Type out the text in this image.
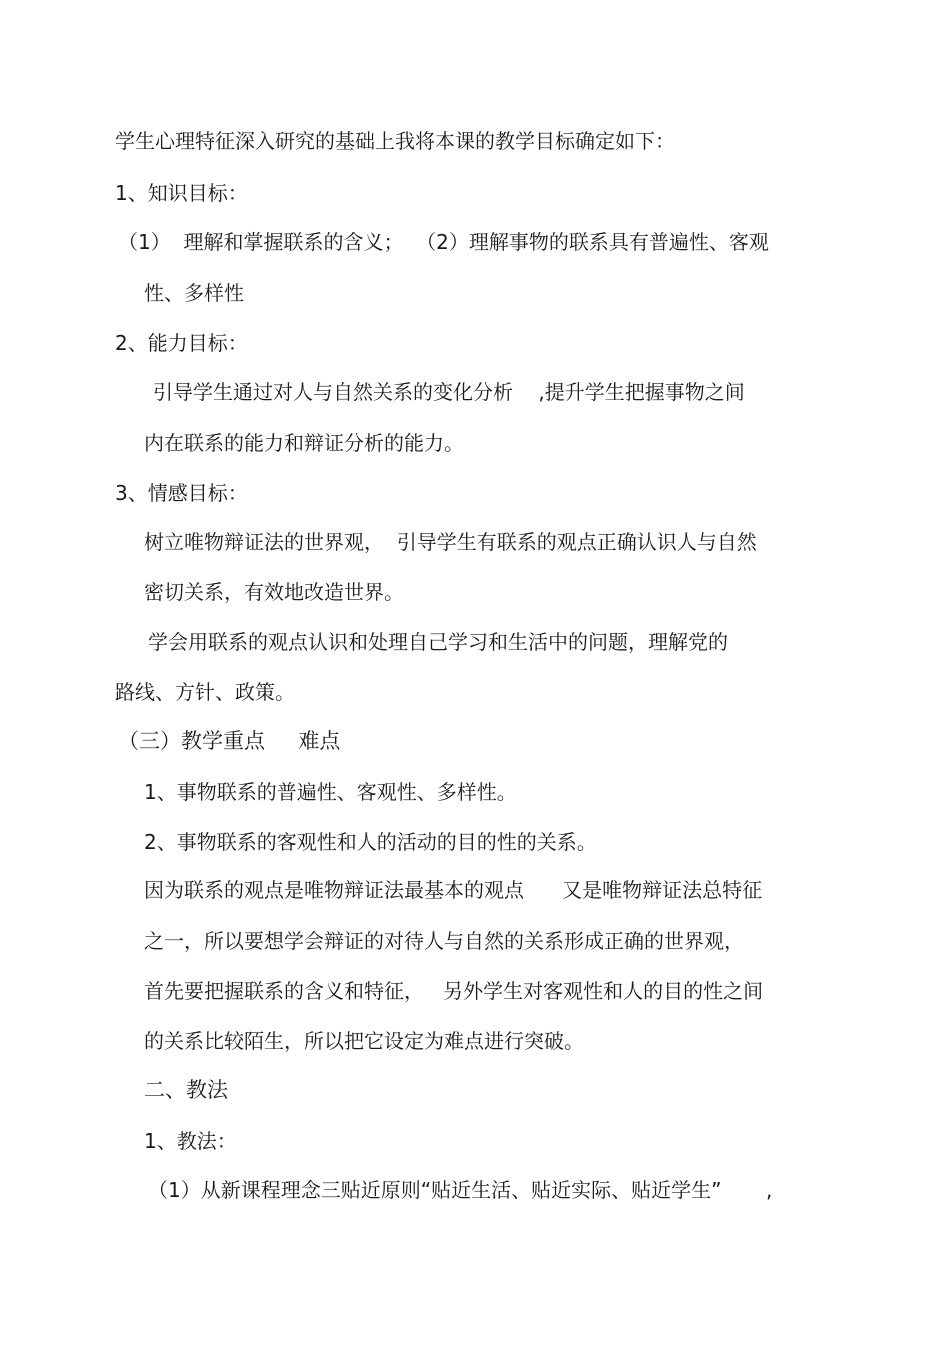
学生心理特征深入研究的基础上我将本课的教学目标确定如下：

1、知识目标：

（1）  理解和掌握联系的含义；  （2）理解事物的联系具有普遍性、客观

性、多样性

2、能力目标：

引导学生通过对人与自然关系的变化分析    ,提升学生把握事物之间

内在联系的能力和辩证分析的能力。

3、情感目标：

树立唯物辩证法的世界观，  引导学生有联系的观点正确认识人与自然

密切关系，有效地改造世界。

学会用联系的观点认识和处理自己学习和生活中的问题，理解党的

路线、方针、政策。

（三）教学重点     难点

1、事物联系的普遍性、客观性、多样性。

2、事物联系的客观性和人的活动的目的性的关系。

因为联系的观点是唯物辩证法最基本的观点      又是唯物辩证法总特征

之一，所以要想学会辩证的对待人与自然的关系形成正确的世界观，

首先要把握联系的含义和特征，   另外学生对客观性和人的目的性之间

的关系比较陌生，所以把它设定为难点进行突破。

二、教法

1、教法：

（1）从新课程理念三贴近原则“贴近生活、贴近实际、贴近学生”       ,
